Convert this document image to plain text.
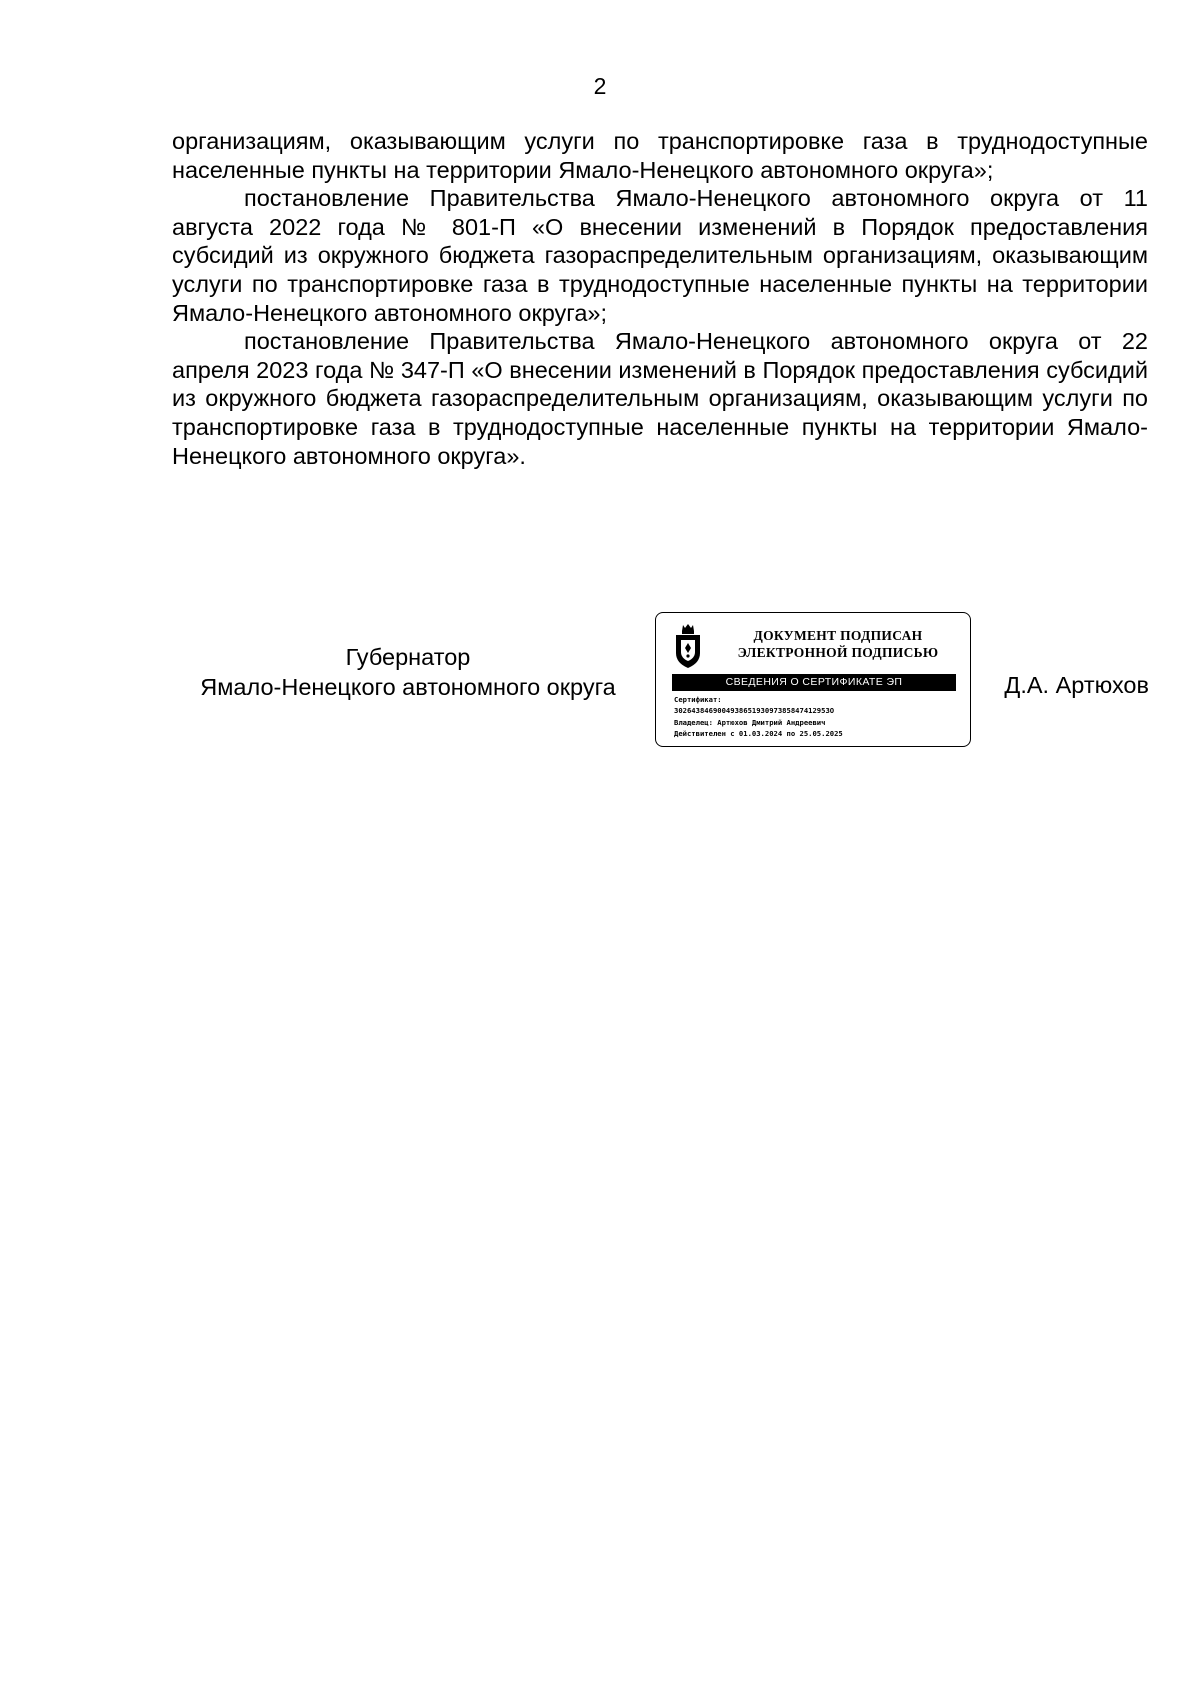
2

организациям, оказывающим услуги по транспортировке газа в труднодоступные населенные пункты на территории Ямало-Ненецкого автономного округа»;

постановление Правительства Ямало-Ненецкого автономного округа от 11 августа 2022 года № 801-П «О внесении изменений в Порядок предоставления субсидий из окружного бюджета газораспределительным организациям, оказывающим услуги по транспортировке газа в труднодоступные населенные пункты на территории Ямало-Ненецкого автономного округа»;

постановление Правительства Ямало-Ненецкого автономного округа от 22 апреля 2023 года № 347-П «О внесении изменений в Порядок предоставления субсидий из окружного бюджета газораспределительным организациям, оказывающим услуги по транспортировке газа в труднодоступные населенные пункты на территории Ямало-Ненецкого автономного округа».

Губернатор
Ямало-Ненецкого автономного округа
ДОКУМЕНТ ПОДПИСАН
ЭЛЕКТРОННОЙ ПОДПИСЬЮ
СВЕДЕНИЯ О СЕРТИФИКАТЕ ЭП
Сертификат:
302643846900493865193097385847412953O
Владелец: Артюхов Дмитрий Андреевич
Действителен с 01.03.2024 по 25.05.2025
Д.А. Артюхов
